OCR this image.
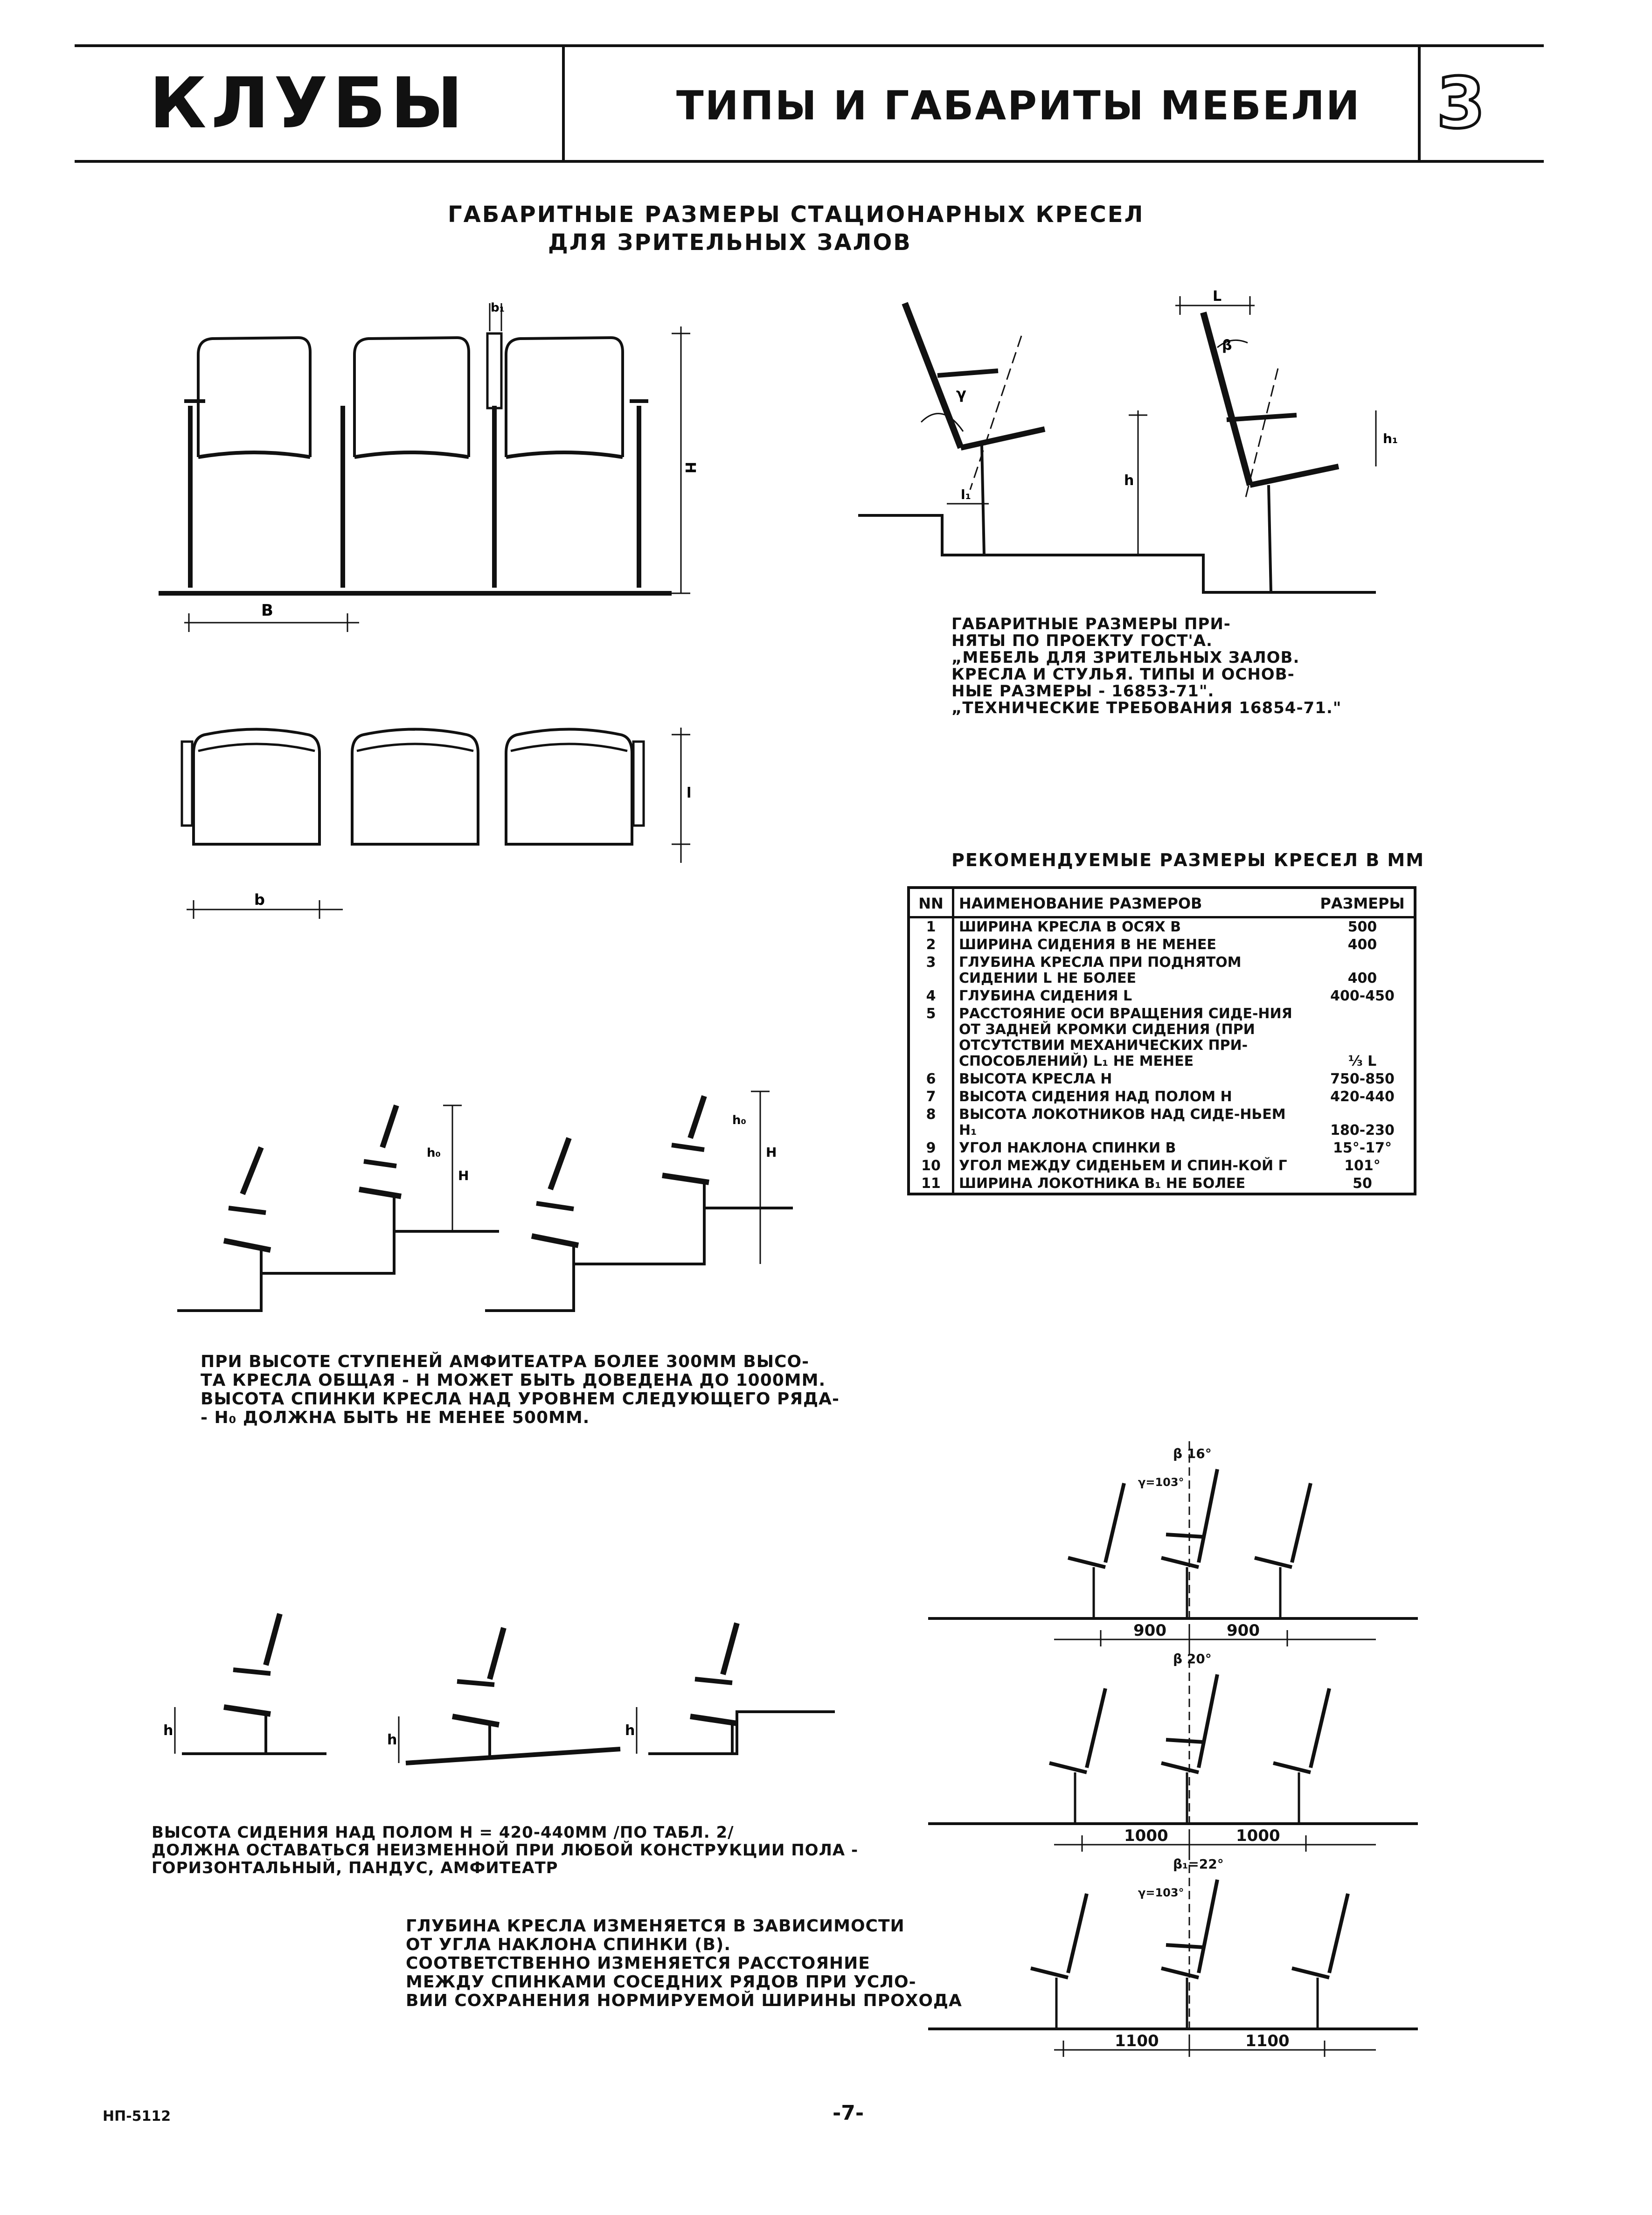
КЛУБЫ	ТИПЫ И ГАБАРИТЫ МЕБЕЛИ 3
ГАБАРИТНЫЕ РАЗМЕРЫ СТАЦИОНАРНЫХ КРЕСЕЛ
ДЛЯ ЗРИТЕЛЬНЫХ ЗАЛОВ
B
H
b₁
b
l
γ
l₁
h
L
β
h₁
ГАБАРИТНЫЕ РАЗМЕРЫ ПРИ-
НЯТЫ ПО ПРОЕКТУ ГОСТ'А.
„МЕБЕЛЬ ДЛЯ ЗРИТЕЛЬНЫХ ЗАЛОВ.
КРЕСЛА И СТУЛЬЯ. ТИПЫ И ОСНОВ-
НЫЕ РАЗМЕРЫ - 16853-71".
„ТЕХНИЧЕСКИЕ ТРЕБОВАНИЯ 16854-71."
РЕКОМЕНДУЕМЫЕ РАЗМЕРЫ КРЕСЕЛ В ММ
NN	НАИМЕНОВАНИЕ РАЗМЕРОВ	РАЗМЕРЫ
1	ШИРИНА КРЕСЛА В ОСЯХ B	500
2	ШИРИНА СИДЕНИЯ B НЕ МЕНЕЕ	400
3	ГЛУБИНА КРЕСЛА ПРИ ПОДНЯТОМ СИДЕНИИ L НЕ БОЛЕЕ	400
4	ГЛУБИНА СИДЕНИЯ L	400-450
5	РАССТОЯНИЕ ОСИ ВРАЩЕНИЯ СИДЕ-НИЯ ОТ ЗАДНЕЙ КРОМКИ СИДЕНИЯ (ПРИ ОТСУТСТВИИ МЕХАНИЧЕСКИХ ПРИ-СПОСОБЛЕНИЙ) L₁ НЕ МЕНЕЕ	⅓ L
6	ВЫСОТА КРЕСЛА H	750-850
7	ВЫСОТА СИДЕНИЯ НАД ПОЛОМ H	420-440
8	ВЫСОТА ЛОКОТНИКОВ НАД СИДЕ-НЬЕМ H₁	180-230
9	УГОЛ НАКЛОНА СПИНКИ Β	15°-17°
10	УГОЛ МЕЖДУ СИДЕНЬЕМ И СПИН-КОЙ Γ	101°
11	ШИРИНА ЛОКОТНИКА B₁ НЕ БОЛЕЕ	50
h₀
H
h₀
H
ПРИ ВЫСОТЕ СТУПЕНЕЙ АМФИТЕАТРА БОЛЕЕ 300ММ ВЫСО-
ТА КРЕСЛА ОБЩАЯ - H МОЖЕТ БЫТЬ ДОВЕДЕНА ДО 1000ММ.
ВЫСОТА СПИНКИ КРЕСЛА НАД УРОВНЕМ СЛЕДУЮЩЕГО РЯДА-
- H₀ ДОЛЖНА БЫТЬ НЕ МЕНЕЕ 500ММ.
h
h
h
ВЫСОТА СИДЕНИЯ НАД ПОЛОМ H = 420-440ММ /ПО ТАБЛ. 2/
ДОЛЖНА ОСТАВАТЬСЯ НЕИЗМЕННОЙ ПРИ ЛЮБОЙ КОНСТРУКЦИИ ПОЛА -
ГОРИЗОНТАЛЬНЫЙ, ПАНДУС, АМФИТЕАТР
ГЛУБИНА КРЕСЛА ИЗМЕНЯЕТСЯ В ЗАВИСИМОСТИ
ОТ УГЛА НАКЛОНА СПИНКИ (Β).
СООТВЕТСТВЕННО ИЗМЕНЯЕТСЯ РАССТОЯНИЕ
МЕЖДУ СПИНКАМИ СОСЕДНИХ РЯДОВ ПРИ УСЛО-
ВИИ СОХРАНЕНИЯ НОРМИРУЕМОЙ ШИРИНЫ ПРОХОДА
900	900
β 16°
γ=103°
1000	1000
β 20°
1100	1100
β₁=22°
γ=103°
НП-5112	-7-
